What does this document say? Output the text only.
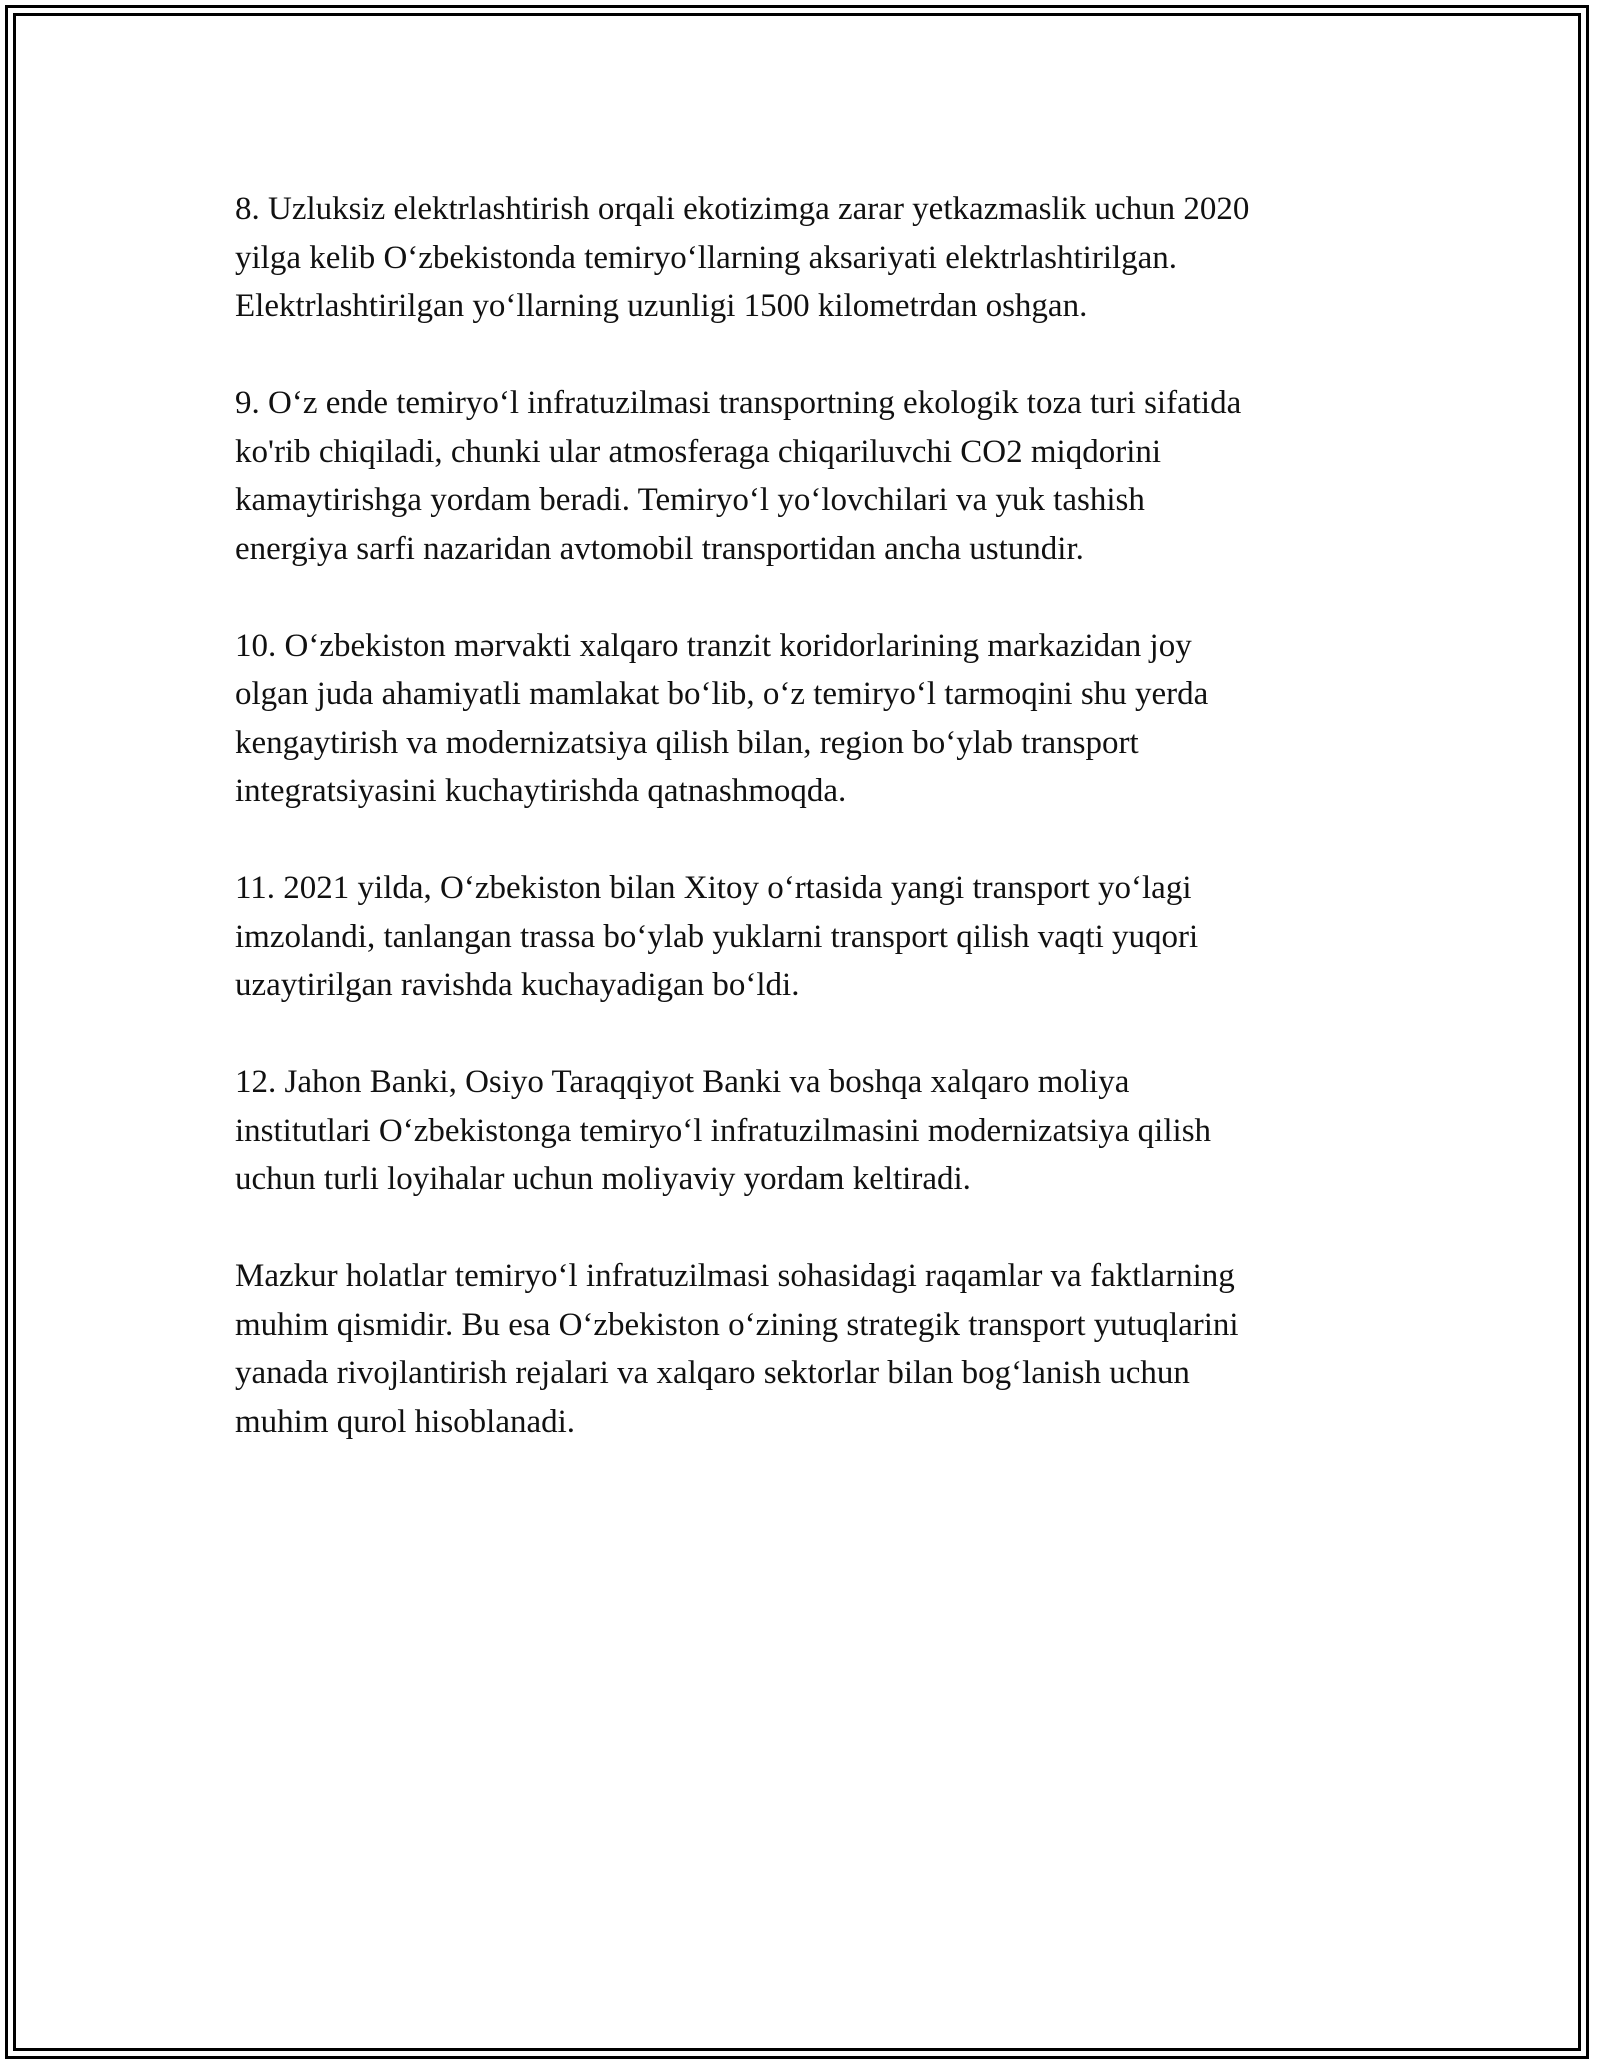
8. Uzluksiz elektrlashtirish orqali ekotizimga zarar yetkazmaslik uchun 2020
yilga kelib O‘zbekistonda temiryo‘llarning aksariyati elektrlashtirilgan.
Elektrlashtirilgan yo‘llarning uzunligi 1500 kilometrdan oshgan.

9. O‘z ende temiryo‘l infratuzilmasi transportning ekologik toza turi sifatida
ko'rib chiqiladi, chunki ular atmosferaga chiqariluvchi CO2 miqdorini
kamaytirishga yordam beradi. Temiryo‘l yo‘lovchilari va yuk tashish
energiya sarfi nazaridan avtomobil transportidan ancha ustundir.

10. O‘zbekiston mərvakti xalqaro tranzit koridorlarining markazidan joy
olgan juda ahamiyatli mamlakat bo‘lib, o‘z temiryo‘l tarmoqini shu yerda
kengaytirish va modernizatsiya qilish bilan, region bo‘ylab transport
integratsiyasini kuchaytirishda qatnashmoqda.

11. 2021 yilda, O‘zbekiston bilan Xitoy o‘rtasida yangi transport yo‘lagi
imzolandi, tanlangan trassa bo‘ylab yuklarni transport qilish vaqti yuqori
uzaytirilgan ravishda kuchayadigan bo‘ldi.

12. Jahon Banki, Osiyo Taraqqiyot Banki va boshqa xalqaro moliya
institutlari O‘zbekistonga temiryo‘l infratuzilmasini modernizatsiya qilish
uchun turli loyihalar uchun moliyaviy yordam keltiradi.

Mazkur holatlar temiryo‘l infratuzilmasi sohasidagi raqamlar va faktlarning
muhim qismidir. Bu esa O‘zbekiston o‘zining strategik transport yutuqlarini
yanada rivojlantirish rejalari va xalqaro sektorlar bilan bog‘lanish uchun
muhim qurol hisoblanadi.
